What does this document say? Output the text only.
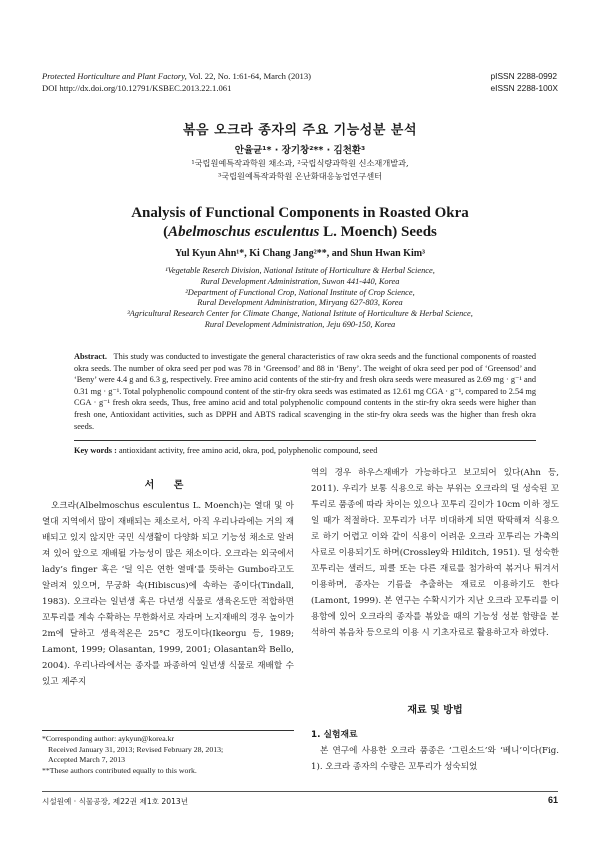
Protected Horticulture and Plant Factory, Vol. 22, No. 1:61-64, March (2013)
DOI http://dx.doi.org/10.12791/KSBEC.2013.22.1.061
pISSN 2288-0992
eISSN 2288-100X
볶음 오크라 종자의 주요 기능성분 분석
안율균¹* · 장기창²** · 김천환³
¹국립원예특작과학원 채소과, ²국립식량과학원 신소재개발과,
³국립원예특작과학원 온난화대응농업연구센터
Analysis of Functional Components in Roasted Okra
(Abelmoschus esculentus L. Moench) Seeds
Yul Kyun Ahn¹*, Ki Chang Jang²**, and Shun Hwan Kim³
¹Vegetable Reserch Division, National Istitute of Horticulture & Herbal Science,
Rural Development Administration, Suwon 441-440, Korea
²Department of Functional Crop, National Institute of Crop Science,
Rural Development Administration, Miryang 627-803, Korea
³Agricultural Research Center for Climate Change, National Istitute of Horticulture & Herbal Science,
Rural Development Administration, Jeju 690-150, Korea
Abstract. This study was conducted to investigate the general characteristics of raw okra seeds and the functional components of roasted okra seeds. The number of okra seed per pod was 78 in ‘Greensod’ and 88 in ‘Beny’. The weight of okra seed per pod of ‘Greensod’ and ‘Beny’ were 4.4 g and 6.3 g, respectively. Free amino acid contents of the stir-fry and fresh okra seeds were measured as 2.69 mg · g⁻¹ and 0.31 mg · g⁻¹. Total polyphenolic compound content of the stir-fry okra seeds was estimated as 12.61 mg CGA · g⁻¹, compared to 2.54 mg CGA · g⁻¹ fresh okra seeds, Thus, free amino acid and total polyphenolic compound contents in the stir-fry okra seeds were higher than fresh one, Antioxidant activities, such as DPPH and ABTS radical scavenging in the stir-fry okra seeds was the higher than fresh okra seeds.
Key words : antioxidant activity, free amino acid, okra, pod, polyphenolic compound, seed
서 론
오크라(Albelmoschus esculentus L. Moench)는 열대 및 아열대 지역에서 많이 재배되는 채소로서, 아직 우리나라에는 거의 재배되고 있지 않지만 국민 식생활이 다양화 되고 기능성 채소로 알려져 있어 앞으로 재배될 가능성이 많은 채소이다. 오크라는 외국에서 lady’s finger 혹은 ‘덜 익은 연한 열매’를 뜻하는 Gumbo라고도 알려져 있으며, 무궁화 속(Hibiscus)에 속하는 종이다(Tindall, 1983). 오크라는 일년생 혹은 다년생 식물로 생육온도만 적합하면 꼬투리를 계속 수확하는 무한화서로 자라며 노지재배의 경우 높이가 2m에 달하고 생육적온은 25°C 정도이다(Ikeorgu 등, 1989; Lamont, 1999; Olasantan, 1999, 2001; Olasantan와 Bello, 2004). 우리나라에서는 종자를 파종하여 일년생 식물로 재배할 수 있고 제주지
역의 경우 하우스재배가 가능하다고 보고되어 있다(Ahn 등, 2011). 우리가 보통 식용으로 하는 부위는 오크라의 덜 성숙된 꼬투리로 품종에 따라 차이는 있으나 꼬투리 길이가 10cm 이하 정도일 때가 적절하다. 꼬투리가 너무 비대하게 되면 딱딱해져 식용으로 하기 어렵고 이와 같이 식용이 어려운 오크라 꼬투리는 가축의 사료로 이용되기도 하며(Crossley와 Hilditch, 1951). 덜 성숙한 꼬투리는 샐러드, 피클 또는 다른 재료를 첨가하여 볶거나 튀겨서 이용하며, 종자는 기름을 추출하는 재료로 이용하기도 한다(Lamont, 1999). 본 연구는 수확시기가 지난 오크라 꼬투리를 이용함에 있어 오크라의 종자를 볶았을 때의 기능성 성분 함량을 분석하여 볶음차 등으로의 이용 시 기초자료로 활용하고자 하였다.
재료 및 방법
1. 실험재료
본 연구에 사용한 오크라 품종은 ‘그린소드’와 ‘베니’이다(Fig. 1). 오크라 종자의 수량은 꼬투리가 성숙되었
*Corresponding author: aykyun@korea.kr
Received January 31, 2013; Revised February 28, 2013;
Accepted March 7, 2013
**These authors contributed equally to this work.
시설원예 · 식물공장, 제22권 제1호 2013년	61
